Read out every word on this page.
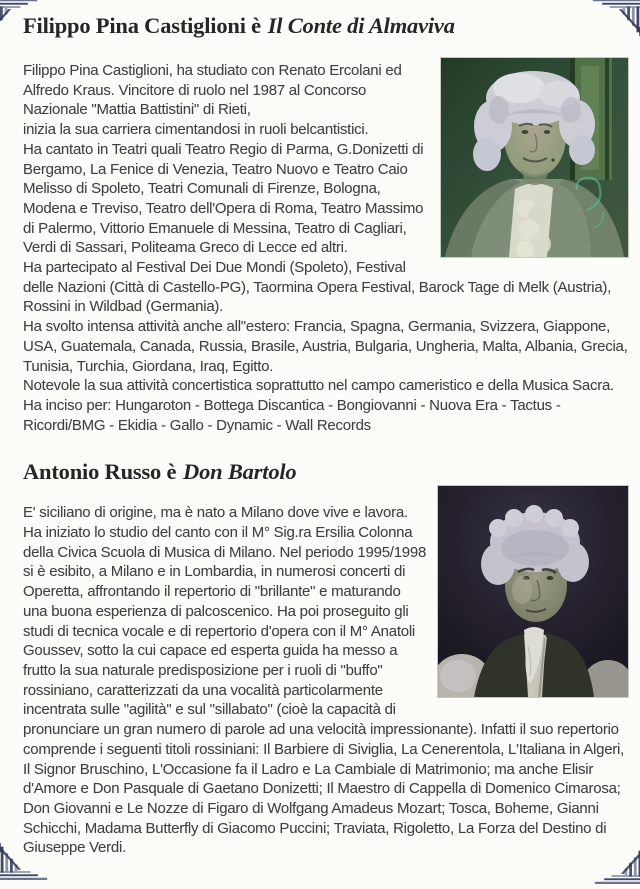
Filippo Pina Castiglioni è Il Conte di Almaviva

Filippo Pina Castiglioni, ha studiato con Renato Ercolani ed Alfredo Kraus. Vincitore di ruolo nel 1987 al Concorso Nazionale "Mattia Battistini" di Rieti,

inizia la sua carriera cimentandosi in ruoli belcantistici.

Ha cantato in Teatri quali Teatro Regio di Parma, G.Donizetti di Bergamo, La Fenice di Venezia, Teatro Nuovo e Teatro Caio Melisso di Spoleto, Teatri Comunali di Firenze, Bologna, Modena e Treviso, Teatro dell'Opera di Roma, Teatro Massimo di Palermo, Vittorio Emanuele di Messina, Teatro di Cagliari, Verdi di Sassari, Politeama Greco di Lecce ed altri.

Ha partecipato al Festival Dei Due Mondi (Spoleto), Festival delle Nazioni (Città di Castello-PG), Taormina Opera Festival, Barock Tage di Melk (Austria), Rossini in Wildbad (Germania).

Ha svolto intensa attività anche all"estero: Francia, Spagna, Germania, Svizzera, Giappone, USA, Guatemala, Canada, Russia, Brasile, Austria, Bulgaria, Ungheria, Malta, Albania, Grecia, Tunisia, Turchia, Giordana, Iraq, Egitto.

Notevole la sua attività concertistica soprattutto nel campo cameristico e della Musica Sacra.

Ha inciso per: Hungaroton - Bottega Discantica - Bongiovanni - Nuova Era - Tactus - Ricordi/BMG - Ekidia - Gallo - Dynamic - Wall Records

Antonio Russo è Don Bartolo

E' siciliano di origine, ma è nato a Milano dove vive e lavora. Ha iniziato lo studio del canto con il M° Sig.ra Ersilia Colonna della Civica Scuola di Musica di Milano. Nel periodo 1995/1998 si è esibito, a Milano e in Lombardia, in numerosi concerti di Operetta, affrontando il repertorio di "brillante" e maturando una buona esperienza di palcoscenico. Ha poi proseguito gli studi di tecnica vocale e di repertorio d'opera con il M° Anatoli Goussev, sotto la cui capace ed esperta guida ha messo a frutto la sua naturale predisposizione per i ruoli di "buffo" rossiniano, caratterizzati da una vocalità particolarmente incentrata sulle "agilità" e sul "sillabato" (cioè la capacità di pronunciare un gran numero di parole ad una velocità impressionante). Infatti il suo repertorio comprende i seguenti titoli rossiniani: Il Barbiere di Siviglia, La Cenerentola, L'Italiana in Algeri, Il Signor Bruschino, L'Occasione fa il Ladro e La Cambiale di Matrimonio; ma anche Elisir d'Amore e Don Pasquale di Gaetano Donizetti; Il Maestro di Cappella di Domenico Cimarosa; Don Giovanni e Le Nozze di Figaro di Wolfgang Amadeus Mozart; Tosca, Boheme, Gianni Schicchi, Madama Butterfly di Giacomo Puccini; Traviata, Rigoletto, La Forza del Destino di Giuseppe Verdi.
